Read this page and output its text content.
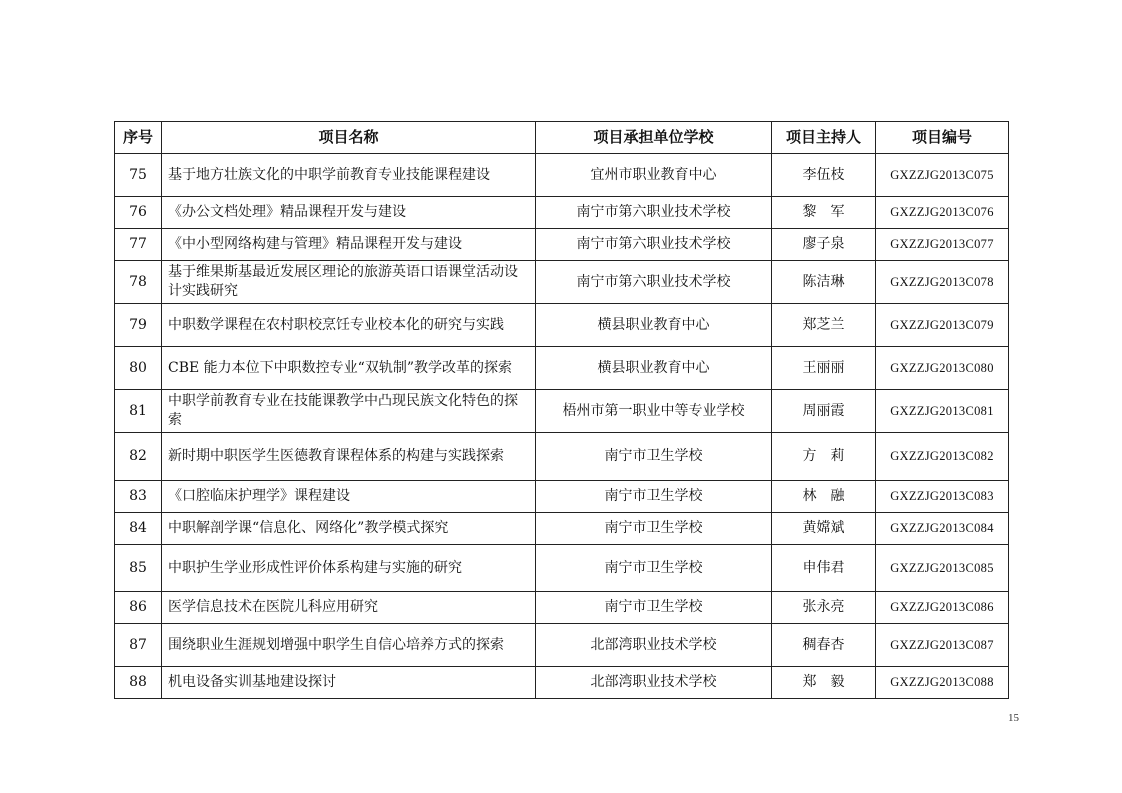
序号	项目名称	项目承担单位学校	项目主持人	项目编号
75	基于地方壮族文化的中职学前教育专业技能课程建设	宜州市职业教育中心	李伍枝	GXZZJG2013C075
76	《办公文档处理》精品课程开发与建设	南宁市第六职业技术学校	黎　军	GXZZJG2013C076
77	《中小型网络构建与管理》精品课程开发与建设	南宁市第六职业技术学校	廖子泉	GXZZJG2013C077
78	基于维果斯基最近发展区理论的旅游英语口语课堂活动设计实践研究	南宁市第六职业技术学校	陈洁琳	GXZZJG2013C078
79	中职数学课程在农村职校烹饪专业校本化的研究与实践	横县职业教育中心	郑芝兰	GXZZJG2013C079
80	CBE 能力本位下中职数控专业“双轨制”教学改革的探索	横县职业教育中心	王丽丽	GXZZJG2013C080
81	中职学前教育专业在技能课教学中凸现民族文化特色的探索	梧州市第一职业中等专业学校	周丽霞	GXZZJG2013C081
82	新时期中职医学生医德教育课程体系的构建与实践探索	南宁市卫生学校	方　莉	GXZZJG2013C082
83	《口腔临床护理学》课程建设	南宁市卫生学校	林　融	GXZZJG2013C083
84	中职解剖学课“信息化、网络化”教学模式探究	南宁市卫生学校	黄嫦斌	GXZZJG2013C084
85	中职护生学业形成性评价体系构建与实施的研究	南宁市卫生学校	申伟君	GXZZJG2013C085
86	医学信息技术在医院儿科应用研究	南宁市卫生学校	张永亮	GXZZJG2013C086
87	围绕职业生涯规划增强中职学生自信心培养方式的探索	北部湾职业技术学校	稠春杏	GXZZJG2013C087
88	机电设备实训基地建设探讨	北部湾职业技术学校	郑　毅	GXZZJG2013C088
15
